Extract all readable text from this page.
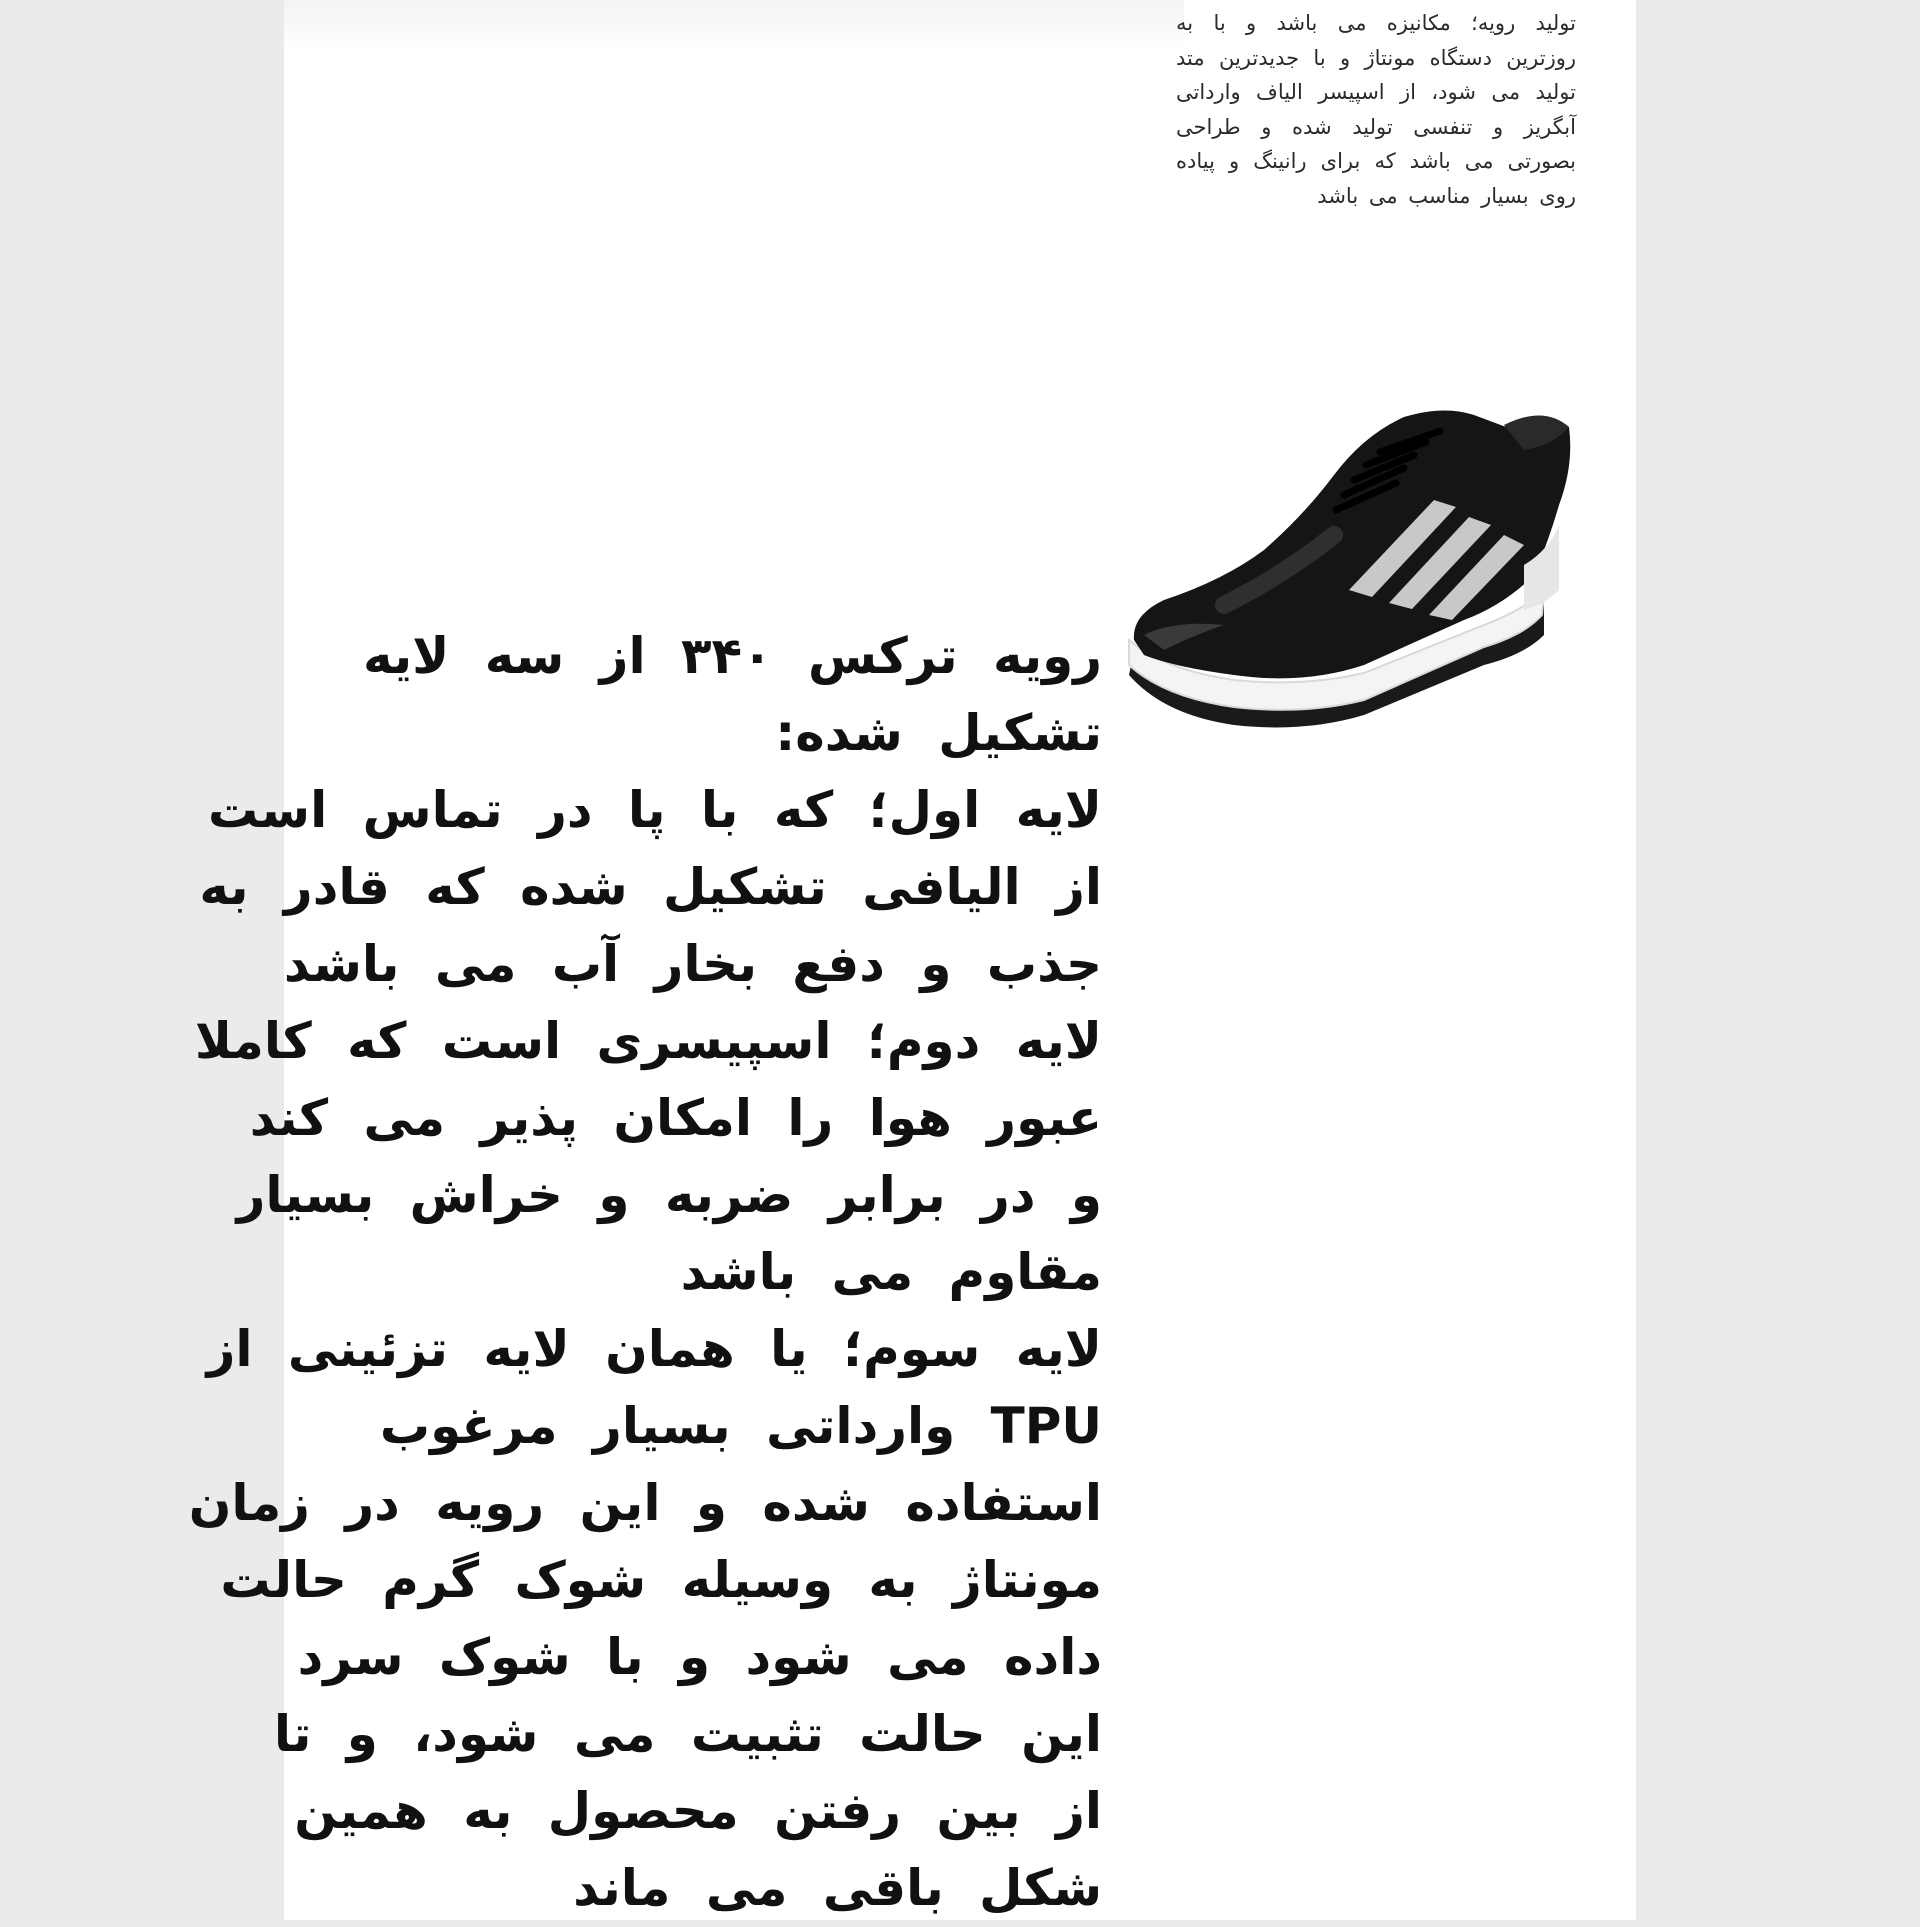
تولید رویه؛ مکانیزه می باشد و با به روزترین دستگاه مونتاژ و با جدیدترین متد تولید می شود، از اسپیسر الیاف وارداتی آبگریز و تنفسی تولید شده و طراحی بصورتی می باشد که برای رانینگ و پیاده روی بسیار مناسب می باشد

رویه ترکس ۳۴۰ از سه لایه
تشکیل شده:
لایه اول؛ که با پا در تماس است
از الیافی تشکیل شده که قادر به
جذب و دفع بخار آب می باشد
لایه دوم؛ اسپیسری است که کاملا
عبور هوا را امکان پذیر می کند
و در برابر ضربه و خراش بسیار
مقاوم می باشد
لایه سوم؛ یا همان لایه تزئینی از
TPU وارداتی بسیار مرغوب
استفاده شده و این رویه در زمان
مونتاژ به وسیله شوک گرم حالت
داده می شود و با شوک سرد
این حالت تثبیت می شود، و تا
از بین رفتن محصول به همین
شکل باقی می ماند
